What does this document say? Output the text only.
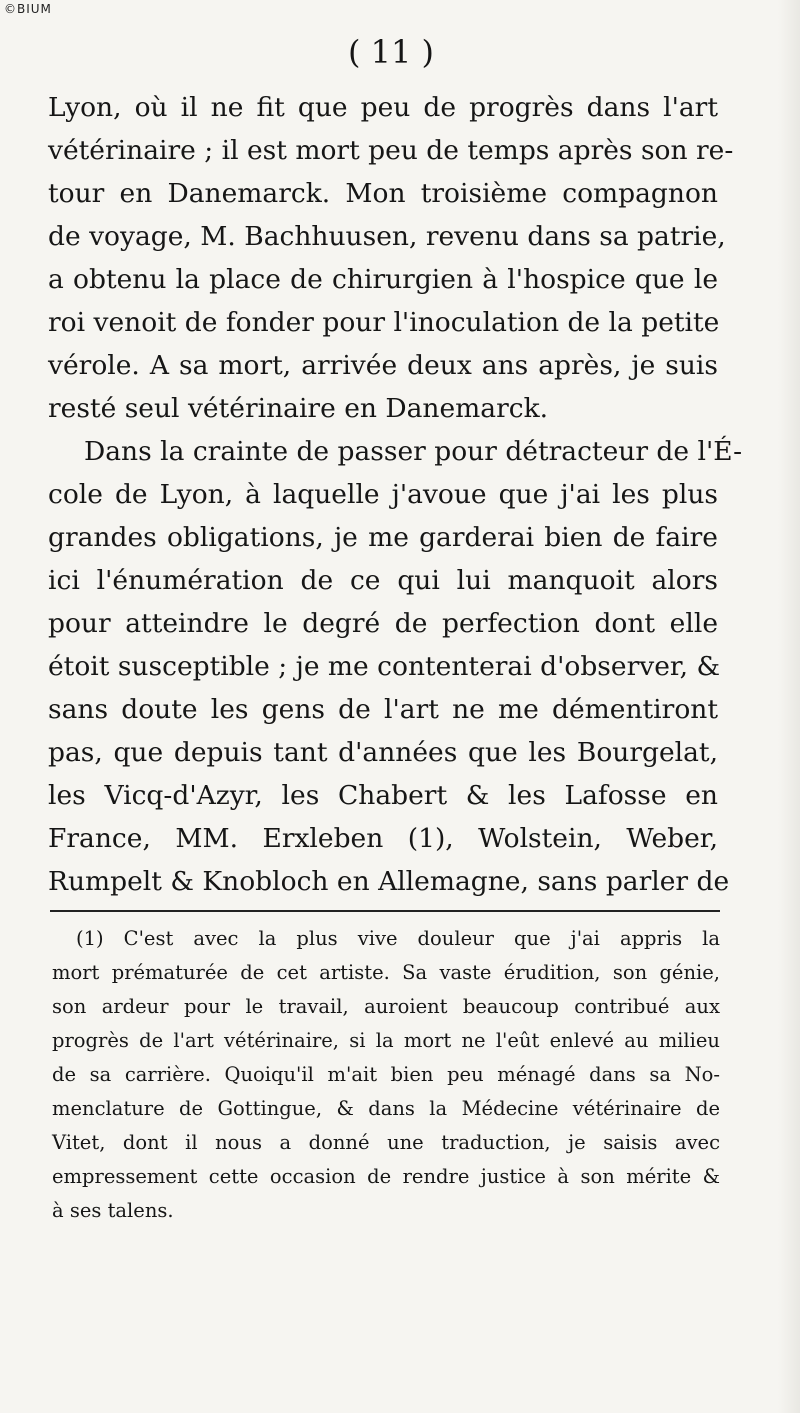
©BIUM
( 11 )
Lyon, où il ne fit que peu de progrès dans l'art
vétérinaire ; il est mort peu de temps après son re-
tour en Danemarck. Mon troisième compagnon
de voyage, M. Bachhuusen, revenu dans sa patrie,
a obtenu la place de chirurgien à l'hospice que le
roi venoit de fonder pour l'inoculation de la petite
vérole. A sa mort, arrivée deux ans après, je suis
resté seul vétérinaire en Danemarck.
Dans la crainte de passer pour détracteur de l'É-
cole de Lyon, à laquelle j'avoue que j'ai les plus
grandes obligations, je me garderai bien de faire
ici l'énumération de ce qui lui manquoit alors
pour atteindre le degré de perfection dont elle
étoit susceptible ; je me contenterai d'observer, &
sans doute les gens de l'art ne me démentiront
pas, que depuis tant d'années que les Bourgelat,
les Vicq-d'Azyr, les Chabert & les Lafosse en
France, MM. Erxleben (1), Wolstein, Weber,
Rumpelt & Knobloch en Allemagne, sans parler de
(1) C'est avec la plus vive douleur que j'ai appris la
mort prématurée de cet artiste. Sa vaste érudition, son génie,
son ardeur pour le travail, auroient beaucoup contribué aux
progrès de l'art vétérinaire, si la mort ne l'eût enlevé au milieu
de sa carrière. Quoiqu'il m'ait bien peu ménagé dans sa No-
menclature de Gottingue, & dans la Médecine vétérinaire de
Vitet, dont il nous a donné une traduction, je saisis avec
empressement cette occasion de rendre justice à son mérite &
à ses talens.
